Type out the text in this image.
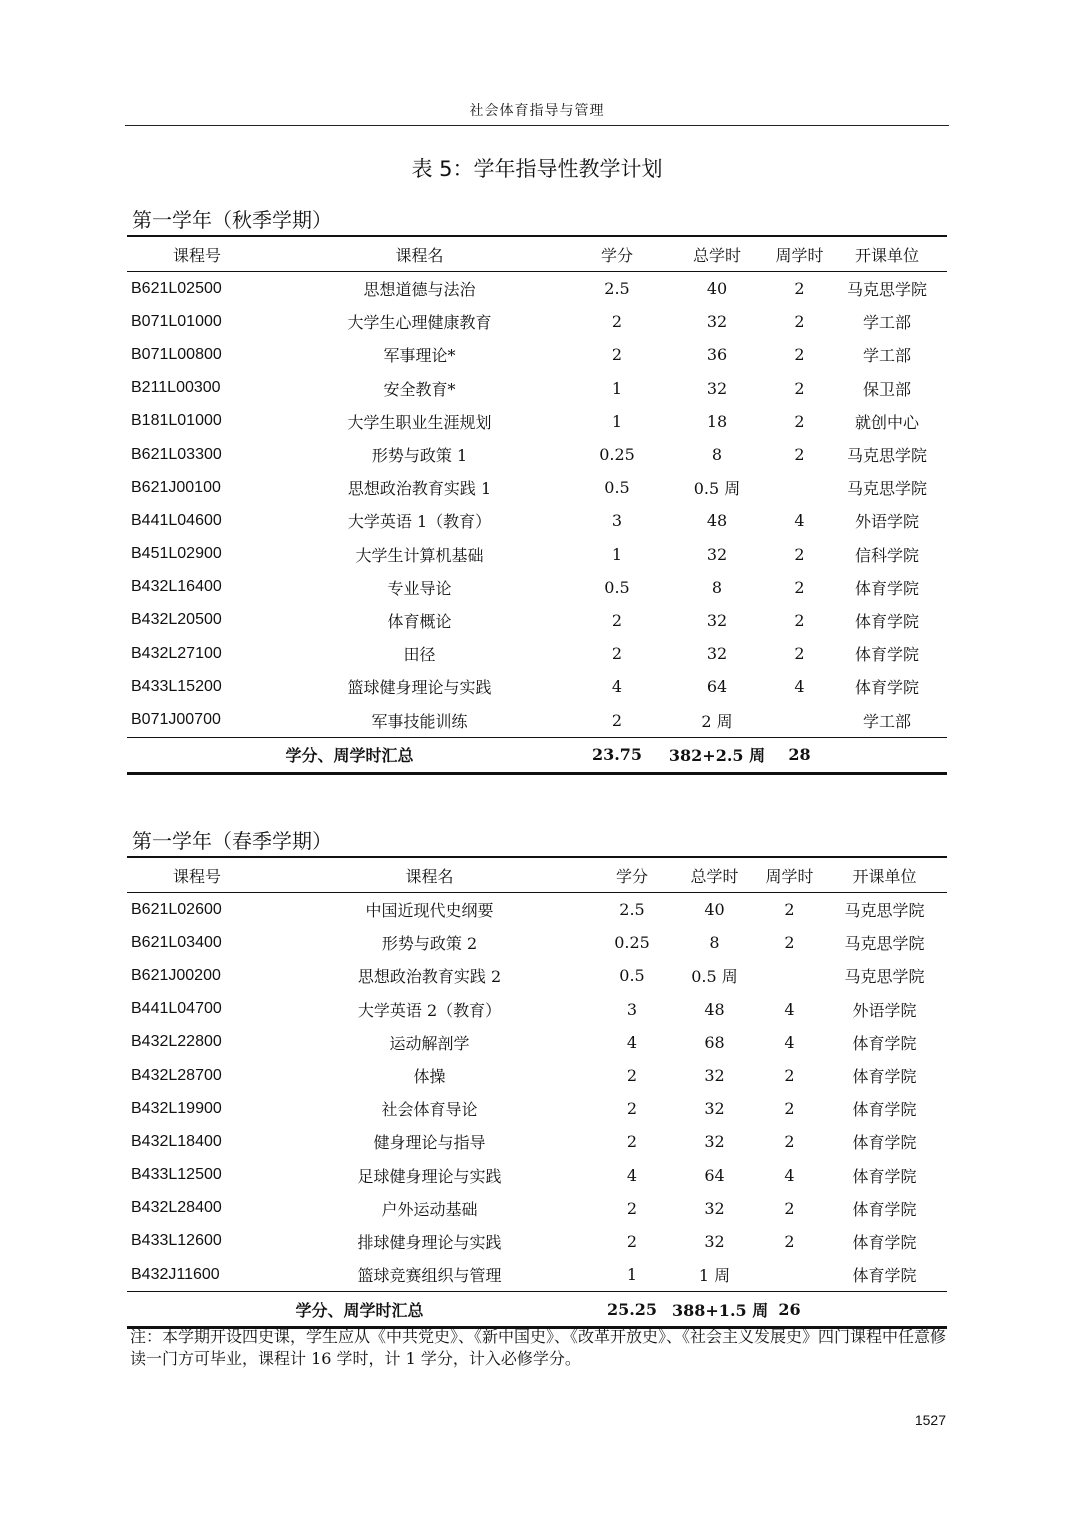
社会体育指导与管理
表 5：学年指导性教学计划
第一学年（秋季学期）
课程号	课程名	学分	总学时	周学时	开课单位
B621L02500	思想道德与法治	2.5	40	2	马克思学院
B071L01000	大学生心理健康教育	2	32	2	学工部
B071L00800	军事理论*	2	36	2	学工部
B211L00300	安全教育*	1	32	2	保卫部
B181L01000	大学生职业生涯规划	1	18	2	就创中心
B621L03300	形势与政策 1	0.25	8	2	马克思学院
B621J00100	思想政治教育实践 1	0.5	0.5 周		马克思学院
B441L04600	大学英语 1（教育）	3	48	4	外语学院
B451L02900	大学生计算机基础	1	32	2	信科学院
B432L16400	专业导论	0.5	8	2	体育学院
B432L20500	体育概论	2	32	2	体育学院
B432L27100	田径	2	32	2	体育学院
B433L15200	篮球健身理论与实践	4	64	4	体育学院
B071J00700	军事技能训练	2	2 周		学工部
学分、周学时汇总		23.75	382+2.5 周	28	
第一学年（春季学期）
课程号	课程名	学分	总学时	周学时	开课单位
B621L02600	中国近现代史纲要	2.5	40	2	马克思学院
B621L03400	形势与政策 2	0.25	8	2	马克思学院
B621J00200	思想政治教育实践 2	0.5	0.5 周		马克思学院
B441L04700	大学英语 2（教育）	3	48	4	外语学院
B432L22800	运动解剖学	4	68	4	体育学院
B432L28700	体操	2	32	2	体育学院
B432L19900	社会体育导论	2	32	2	体育学院
B432L18400	健身理论与指导	2	32	2	体育学院
B433L12500	足球健身理论与实践	4	64	4	体育学院
B432L28400	户外运动基础	2	32	2	体育学院
B433L12600	排球健身理论与实践	2	32	2	体育学院
B432J11600	篮球竞赛组织与管理	1	1 周		体育学院
学分、周学时汇总		25.25	388+1.5 周	26	
注：本学期开设四史课，学生应从《中共党史》、《新中国史》、《改革开放史》、《社会主义发展史》四门课程中任意修读一门方可毕业，课程计 16 学时，计 1 学分，计入必修学分。
1527
